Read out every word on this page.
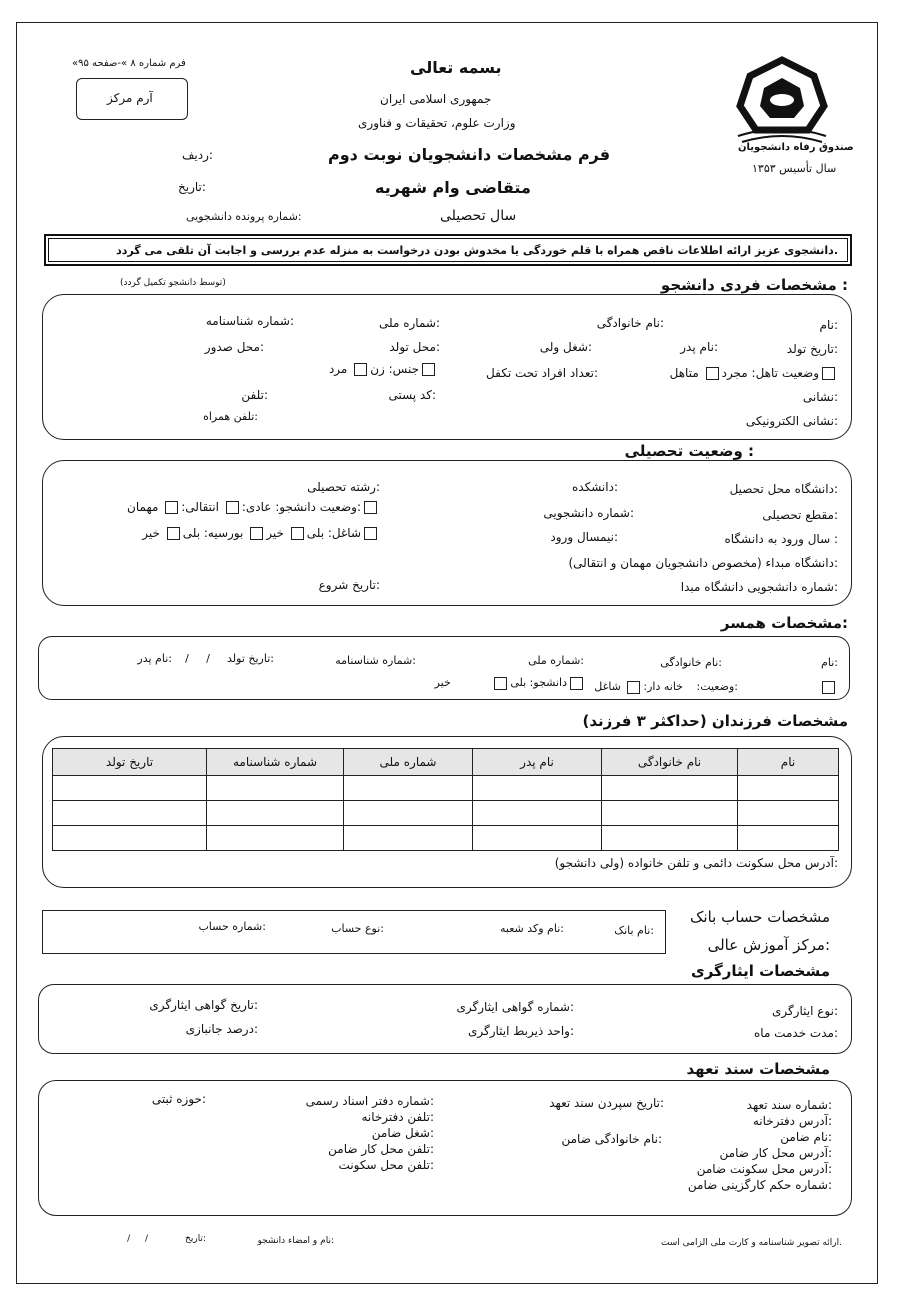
«فرم شماره ۸ »-صفحه ۹۵
آرم مرکز
بسمه تعالی
جمهوری اسلامی ایران
وزارت علوم، تحقیقات و فناوری
فرم مشخصات دانشجویان نوبت دوم
متقاضی وام شهریه
سال تحصیلی
شماره پرونده دانشجویی:
ردیف:
تاریخ:
صندوق رفاه دانشجویان
سال تأسیس ۱۳۵۳
دانشجوی عزیز ارائه اطلاعات ناقص همراه با قلم خوردگی یا مخدوش بودن درخواست به منزله عدم بررسی و اجابت آن تلقی می گردد.
مشخصات فردی دانشجو :
(توسط دانشجو تکمیل گردد)
نام:
نام خانوادگی:
شماره ملی:
شماره شناسنامه:
تاریخ تولد:
نام پدر:
شغل ولی:
محل تولد:
محل صدور:
وضعیت تاهل: مجرد متاهل
تعداد افراد تحت تکفل:
جنس: زن مرد
نشانی:
کد پستی:
تلفن:
تلفن همراه:	نشانی الکترونیکی:
وضعیت تحصیلی :
دانشگاه محل تحصیل:
دانشکده:
رشته تحصیلی:
مقطع تحصیلی:
شماره دانشجویی:
وضعیت دانشجو: عادی: انتقالی: مهمان:
سال ورود به دانشگاه :
نیمسال ورود:
شاغل: بلی خیر بورسیه: بلی خیر
دانشگاه مبداء (مخصوص دانشجویان مهمان و انتقالی):
شماره دانشجویی دانشگاه مبدا:
تاریخ شروع:
مشخصات همسر:
نام:
نام خانوادگی:
شماره ملی:
شماره شناسنامه:
تاریخ تولد:
/ /
نام پدر:
وضعیت: خانه دار: شاغل:
دانشجو: بلی خیر
مشخصات فرزندان (حداکثر ۳ فرزند)
نام	نام خانوادگی	نام پدر	شماره ملی	شماره شناسنامه	تاریخ تولد

آدرس محل سکونت دائمی و تلفن خانواده (ولی دانشجو):
مشخصات حساب بانک
نام بانک:
نام وکد شعبه:
نوع حساب:
شماره حساب:
مرکز آموزش عالی:
مشخصات ایثارگری
نوع ایثارگری:
شماره گواهی ایثارگری:
تاریخ گواهی ایثارگری:
مدت خدمت ماه:
واحد ذیربط ایثارگری:
درصد جانبازی:
مشخصات سند تعهد
شماره سند تعهد:
آدرس دفترخانه:
نام ضامن:
آدرس محل کار ضامن:
آدرس محل سکونت ضامن:
شماره حکم کارگزینی ضامن:
تاریخ سپردن سند تعهد:
نام خانوادگی ضامن:
شماره دفتر اسناد رسمی:
تلفن دفترخانه:
شغل ضامن:
تلفن محل کار ضامن:
تلفن محل سکونت:
حوزه ثبتی:
ارائه تصویر شناسنامه و کارت ملی الزامی است.
نام و امضاء دانشجو:
تاریخ:
/ /
